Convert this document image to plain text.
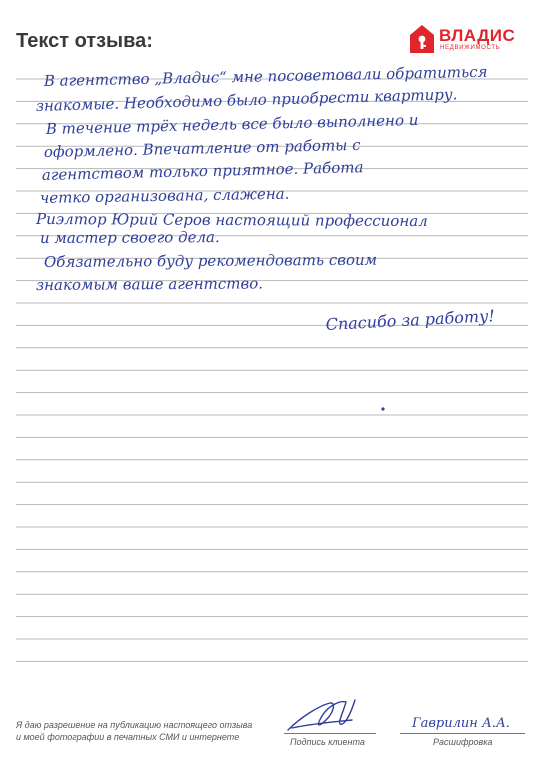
Текст отзыва:	ВЛАДИС
НЕДВИЖИМОСТЬ
В агентство „Владис“ мне посоветовали обратиться
знакомые. Необходимо было приобрести квартиру.
В течение трёх недель все было выполнено и
оформлено. Впечатление от работы с
агентством только приятное. Работа
четко организована, слажена.
Риэлтор Юрий Серов настоящий профессионал
и мастер своего дела.
Обязательно буду рекомендовать своим
знакомым ваше агентство.
Спасибо за работу!
Гаврилин А.А.
Я даю разрешение на публикацию настоящего отзыва
и моей фотографии в печатных СМИ и интернете	Подпись клиента	Расшифровка
